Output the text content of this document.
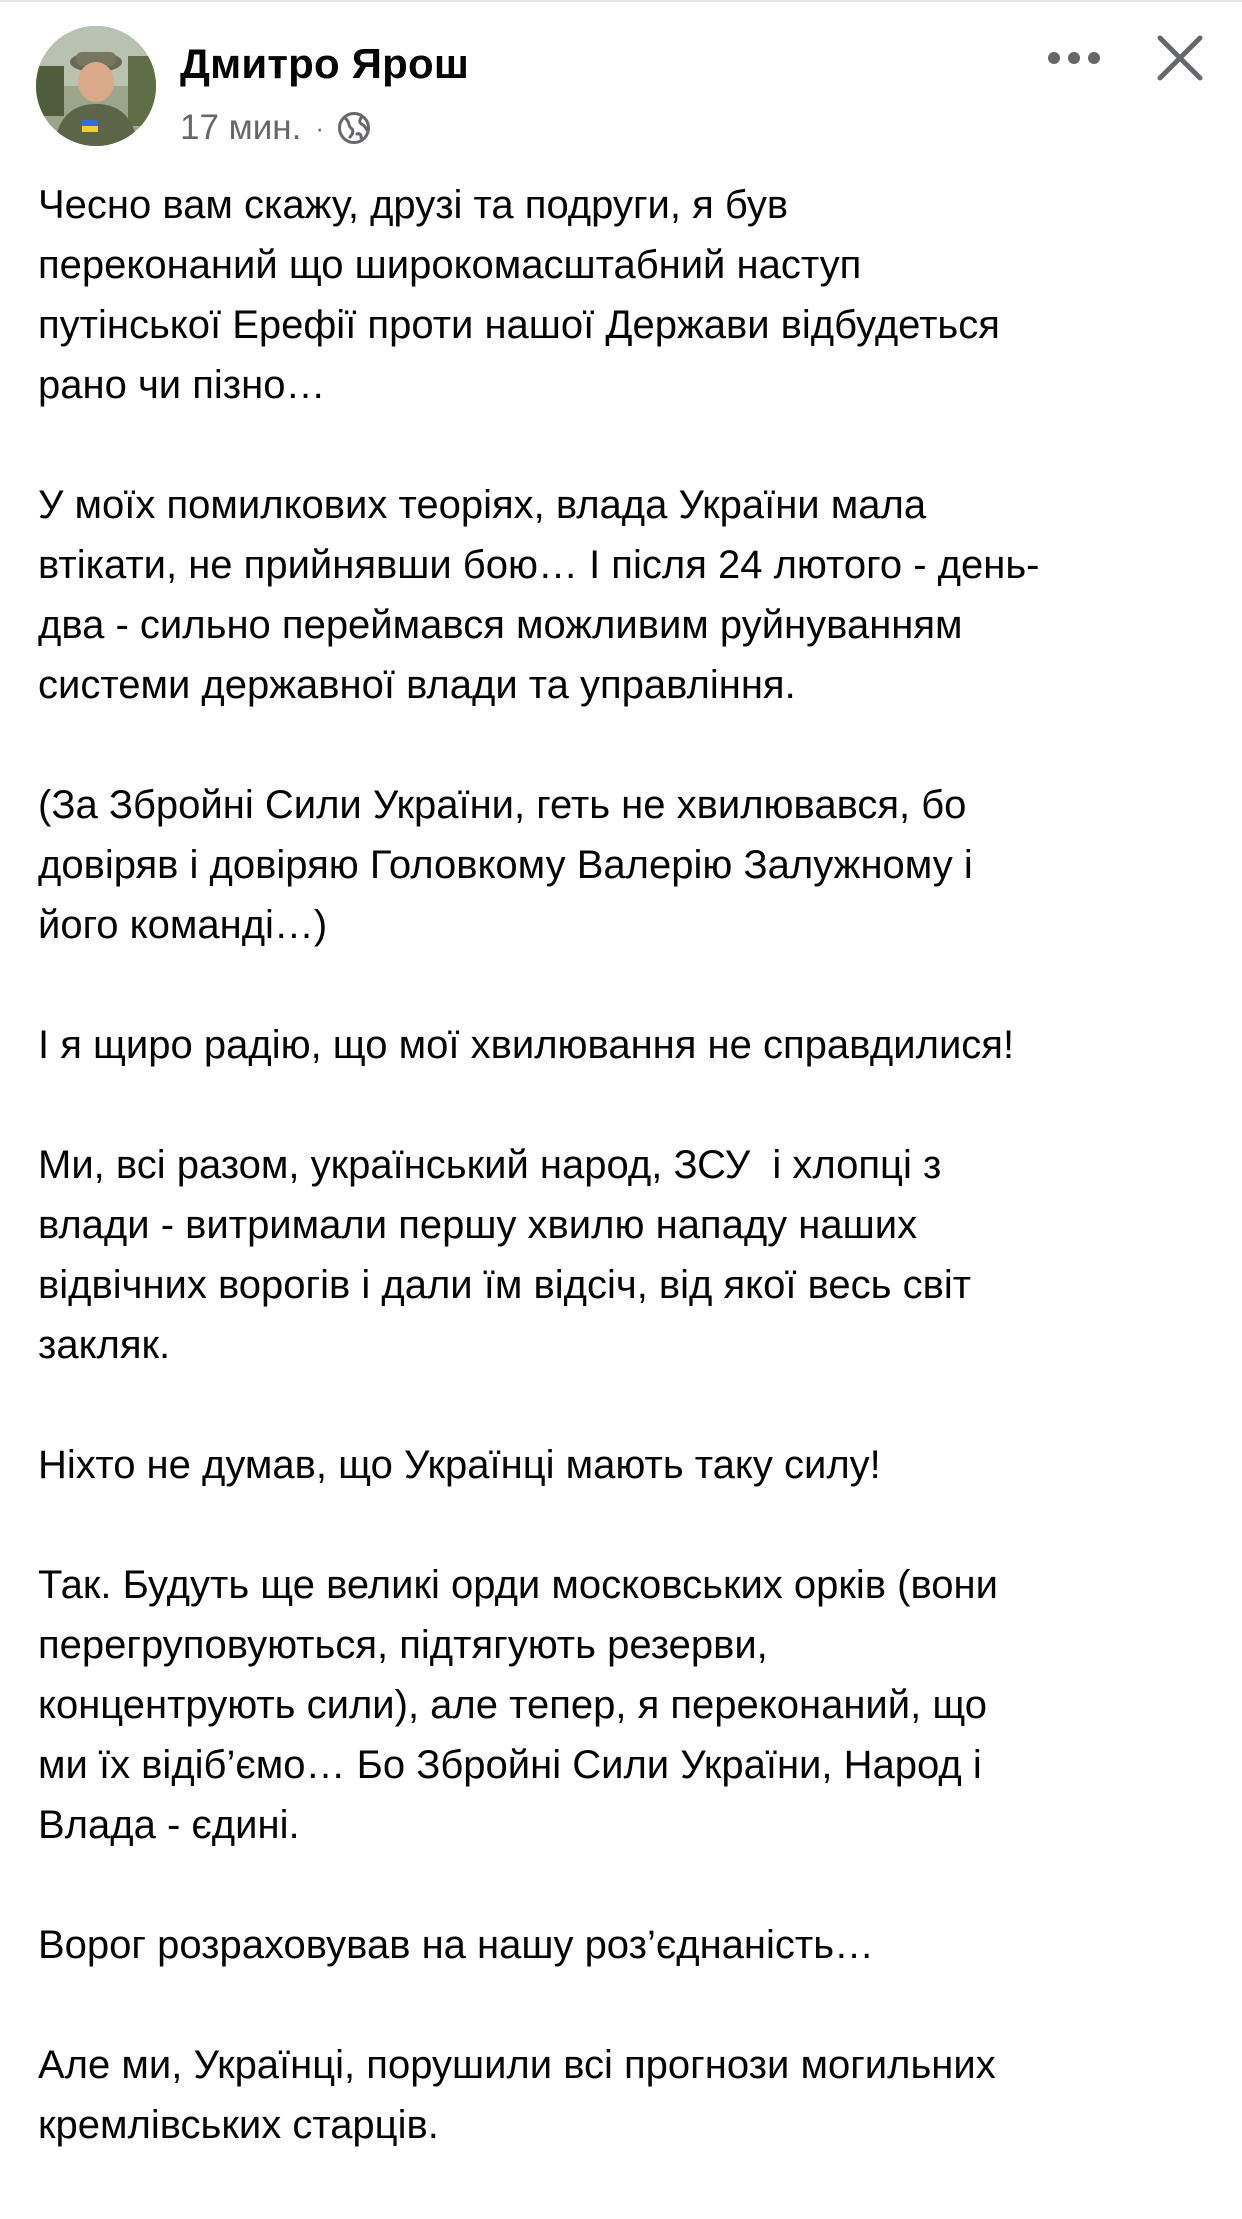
Дмитро Ярош
17 мин. ·

Чесно вам скажу, друзі та подруги, я був
переконаний що широкомасштабний наступ
путінської Ерефії проти нашої Держави відбудеться
рано чи пізно…

У моїх помилкових теоріях, влада України мала
втікати, не прийнявши бою… І після 24 лютого - день-
два - сильно переймався можливим руйнуванням
системи державної влади та управління.

(За Збройні Сили України, геть не хвилювався, бо
довіряв і довіряю Головкому Валерію Залужному і
його команді…)

І я щиро радію, що мої хвилювання не справдилися!

Ми, всі разом, український народ, ЗСУ  і хлопці з
влади - витримали першу хвилю нападу наших
відвічних ворогів і дали їм відсіч, від якої весь світ
закляк.

Ніхто не думав, що Українці мають таку силу!

Так. Будуть ще великі орди московських орків (вони
перегруповуються, підтягують резерви,
концентрують сили), але тепер, я переконаний, що
ми їх відіб’ємо… Бо Збройні Сили України, Народ і
Влада - єдині.

Ворог розраховував на нашу роз’єднаність…

Але ми, Українці, порушили всі прогнози могильних
кремлівських старців.
